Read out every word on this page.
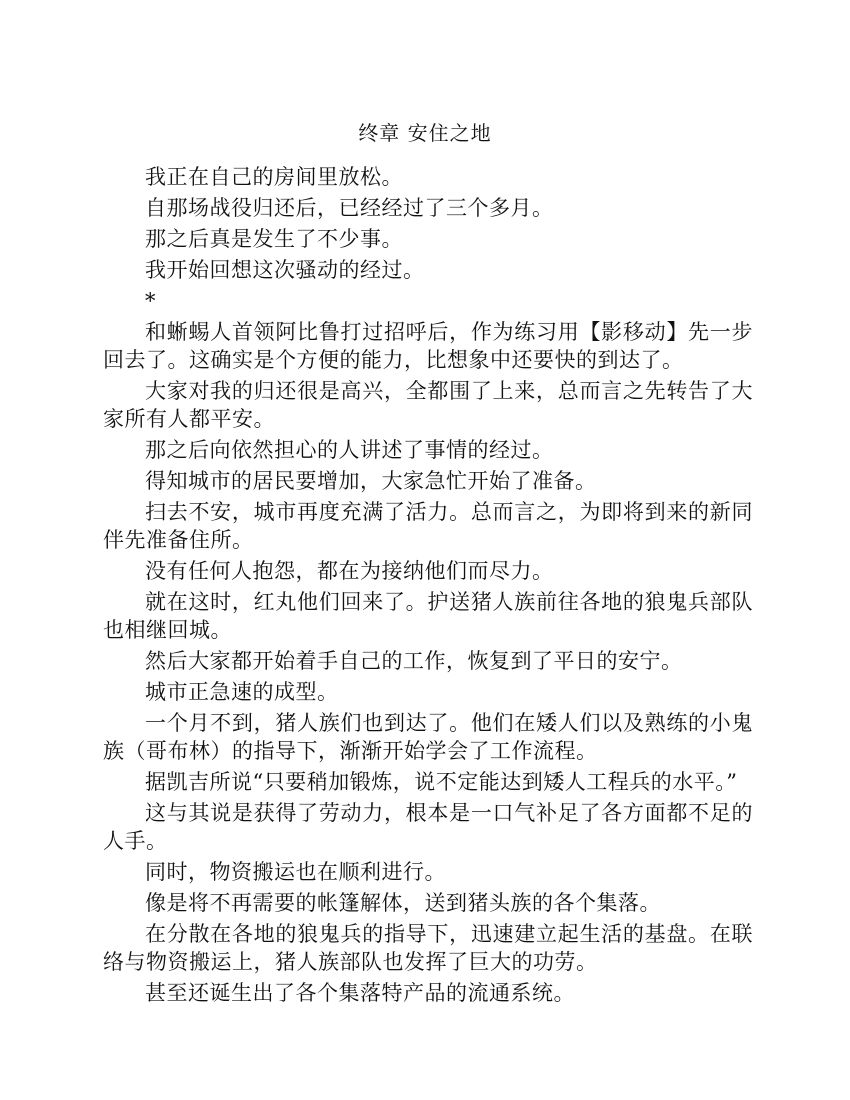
终章 安住之地

我正在自己的房间里放松。

自那场战役归还后，已经经过了三个多月。

那之后真是发生了不少事。

我开始回想这次骚动的经过。

*

和蜥蜴人首领阿比鲁打过招呼后，作为练习用【影移动】先一步回去了。这确实是个方便的能力，比想象中还要快的到达了。

大家对我的归还很是高兴，全都围了上来，总而言之先转告了大家所有人都平安。

那之后向依然担心的人讲述了事情的经过。

得知城市的居民要增加，大家急忙开始了准备。

扫去不安，城市再度充满了活力。总而言之，为即将到来的新同伴先准备住所。

没有任何人抱怨，都在为接纳他们而尽力。

就在这时，红丸他们回来了。护送猪人族前往各地的狼鬼兵部队也相继回城。

然后大家都开始着手自己的工作，恢复到了平日的安宁。

城市正急速的成型。

一个月不到，猪人族们也到达了。他们在矮人们以及熟练的小鬼族（哥布林）的指导下，渐渐开始学会了工作流程。

据凯吉所说“只要稍加锻炼，说不定能达到矮人工程兵的水平。”

这与其说是获得了劳动力，根本是一口气补足了各方面都不足的人手。

同时，物资搬运也在顺利进行。

像是将不再需要的帐篷解体，送到猪头族的各个集落。

在分散在各地的狼鬼兵的指导下，迅速建立起生活的基盘。在联络与物资搬运上，猪人族部队也发挥了巨大的功劳。

甚至还诞生出了各个集落特产品的流通系统。
